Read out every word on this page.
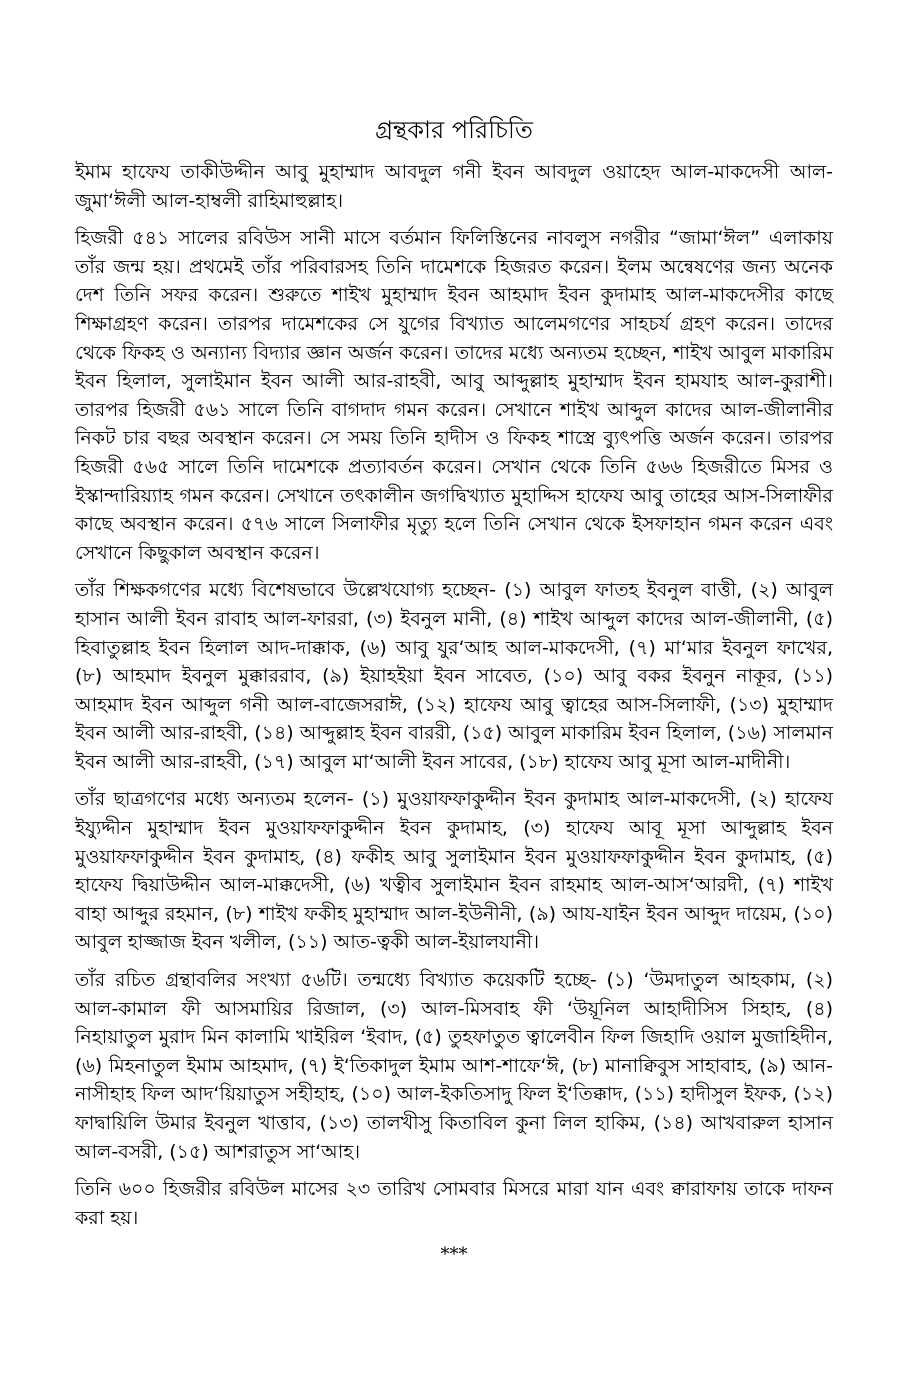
গ্রন্থকার পরিচিতি

ইমাম হাফেয তাকীউদ্দীন আবু মুহাম্মাদ আবদুল গনী ইবন আবদুল ওয়াহেদ আল-মাকদেসী আল-জুমা‘ঈলী আল-হাম্বলী রাহিমাহুল্লাহ।

হিজরী ৫৪১ সালের রবিউস সানী মাসে বর্তমান ফিলিস্তিনের নাবলুস নগরীর “জামা‘ঈল” এলাকায় তাঁর জন্ম হয়। প্রথমেই তাঁর পরিবারসহ তিনি দামেশকে হিজরত করেন। ইলম অন্বেষণের জন্য অনেক দেশ তিনি সফর করেন। শুরুতে শাইখ মুহাম্মাদ ইবন আহমাদ ইবন কুদামাহ আল-মাকদেসীর কাছে শিক্ষাগ্রহণ করেন। তারপর দামেশকের সে যুগের বিখ্যাত আলেমগণের সাহচর্য গ্রহণ করেন। তাদের থেকে ফিকহ ও অন্যান্য বিদ্যার জ্ঞান অর্জন করেন। তাদের মধ্যে অন্যতম হচ্ছেন, শাইখ আবুল মাকারিম ইবন হিলাল, সুলাইমান ইবন আলী আর-রাহবী, আবু আব্দুল্লাহ মুহাম্মাদ ইবন হামযাহ আল-কুরাশী। তারপর হিজরী ৫৬১ সালে তিনি বাগদাদ গমন করেন। সেখানে শাইখ আব্দুল কাদের আল-জীলানীর নিকট চার বছর অবস্থান করেন। সে সময় তিনি হাদীস ও ফিকহ শাস্ত্রে ব্যুৎপত্তি অর্জন করেন। তারপর হিজরী ৫৬৫ সালে তিনি দামেশকে প্রত্যাবর্তন করেন। সেখান থেকে তিনি ৫৬৬ হিজরীতে মিসর ও ইস্কান্দারিয়্যাহ গমন করেন। সেখানে তৎকালীন জগদ্বিখ্যাত মুহাদ্দিস হাফেয আবু তাহের আস-সিলাফীর কাছে অবস্থান করেন। ৫৭৬ সালে সিলাফীর মৃত্যু হলে তিনি সেখান থেকে ইসফাহান গমন করেন এবং সেখানে কিছুকাল অবস্থান করেন।

তাঁর শিক্ষকগণের মধ্যে বিশেষভাবে উল্লেখযোগ্য হচ্ছেন- (১) আবুল ফাতহ ইবনুল বাত্তী, (২) আবুল হাসান আলী ইবন রাবাহ আল-ফাররা, (৩) ইবনুল মানী, (৪) শাইখ আব্দুল কাদের আল-জীলানী, (৫) হিবাতুল্লাহ ইবন হিলাল আদ-দাক্কাক, (৬) আবু যুর‘আহ আল-মাকদেসী, (৭) মা‘মার ইবনুল ফাখের, (৮) আহমাদ ইবনুল মুক্কাররাব, (৯) ইয়াহইয়া ইবন সাবেত, (১০) আবু বকর ইবনুন নাকূর, (১১) আহমাদ ইবন আব্দুল গনী আল-বাজেসরাঈ, (১২) হাফেয আবু ত্বাহের আস-সিলাফী, (১৩) মুহাম্মাদ ইবন আলী আর-রাহবী, (১৪) আব্দুল্লাহ ইবন বাররী, (১৫) আবুল মাকারিম ইবন হিলাল, (১৬) সালমান ইবন আলী আর-রাহবী, (১৭) আবুল মা‘আলী ইবন সাবের, (১৮) হাফেয আবু মূসা আল-মাদীনী।

তাঁর ছাত্রগণের মধ্যে অন্যতম হলেন- (১) মুওয়াফফাকুদ্দীন ইবন কুদামাহ আল-মাকদেসী, (২) হাফেয ইয্যুদ্দীন মুহাম্মাদ ইবন মুওয়াফফাকুদ্দীন ইবন কুদামাহ, (৩) হাফেয আবূ মূসা আব্দুল্লাহ ইবন মুওয়াফফাকুদ্দীন ইবন কুদামাহ, (৪) ফকীহ আবু সুলাইমান ইবন মুওয়াফফাকুদ্দীন ইবন কুদামাহ, (৫) হাফেয দ্বিয়াউদ্দীন আল-মাক্কদেসী, (৬) খত্বীব সুলাইমান ইবন রাহমাহ আল-আস‘আরদী, (৭) শাইখ বাহা আব্দুর রহমান, (৮) শাইখ ফকীহ মুহাম্মাদ আল-ইউনীনী, (৯) আয-যাইন ইবন আব্দুদ দায়েম, (১০) আবুল হাজ্জাজ ইবন খলীল, (১১) আত-ত্বকী আল-ইয়ালযানী।

তাঁর রচিত গ্রন্থাবলির সংখ্যা ৫৬টি। তন্মধ্যে বিখ্যাত কয়েকটি হচ্ছে- (১) ‘উমদাতুল আহকাম, (২) আল-কামাল ফী আসমায়ির রিজাল, (৩) আল-মিসবাহ ফী ‘উয়ূনিল আহাদীসিস সিহাহ, (৪) নিহায়াতুল মুরাদ মিন কালামি খাইরিল ‘ইবাদ, (৫) তুহফাতুত ত্বালেবীন ফিল জিহাদি ওয়াল মুজাহিদীন, (৬) মিহনাতুল ইমাম আহমাদ, (৭) ই‘তিকাদুল ইমাম আশ-শাফে‘ঈ, (৮) মানাক্বিবুস সাহাবাহ, (৯) আন-নাসীহাহ ফিল আদ‘য়িয়াতুস সহীহাহ, (১০) আল-ইকতিসাদু ফিল ই‘তিক্কাদ, (১১) হাদীসুল ইফক, (১২) ফাদ্বায়িলি উমার ইবনুল খাত্তাব, (১৩) তালখীসু কিতাবিল কুনা লিল হাকিম, (১৪) আখবারুল হাসান আল-বসরী, (১৫) আশরাতুস সা‘আহ।

তিনি ৬০০ হিজরীর রবিউল মাসের ২৩ তারিখ সোমবার মিসরে মারা যান এবং ক্বারাফায় তাকে দাফন করা হয়।

***
